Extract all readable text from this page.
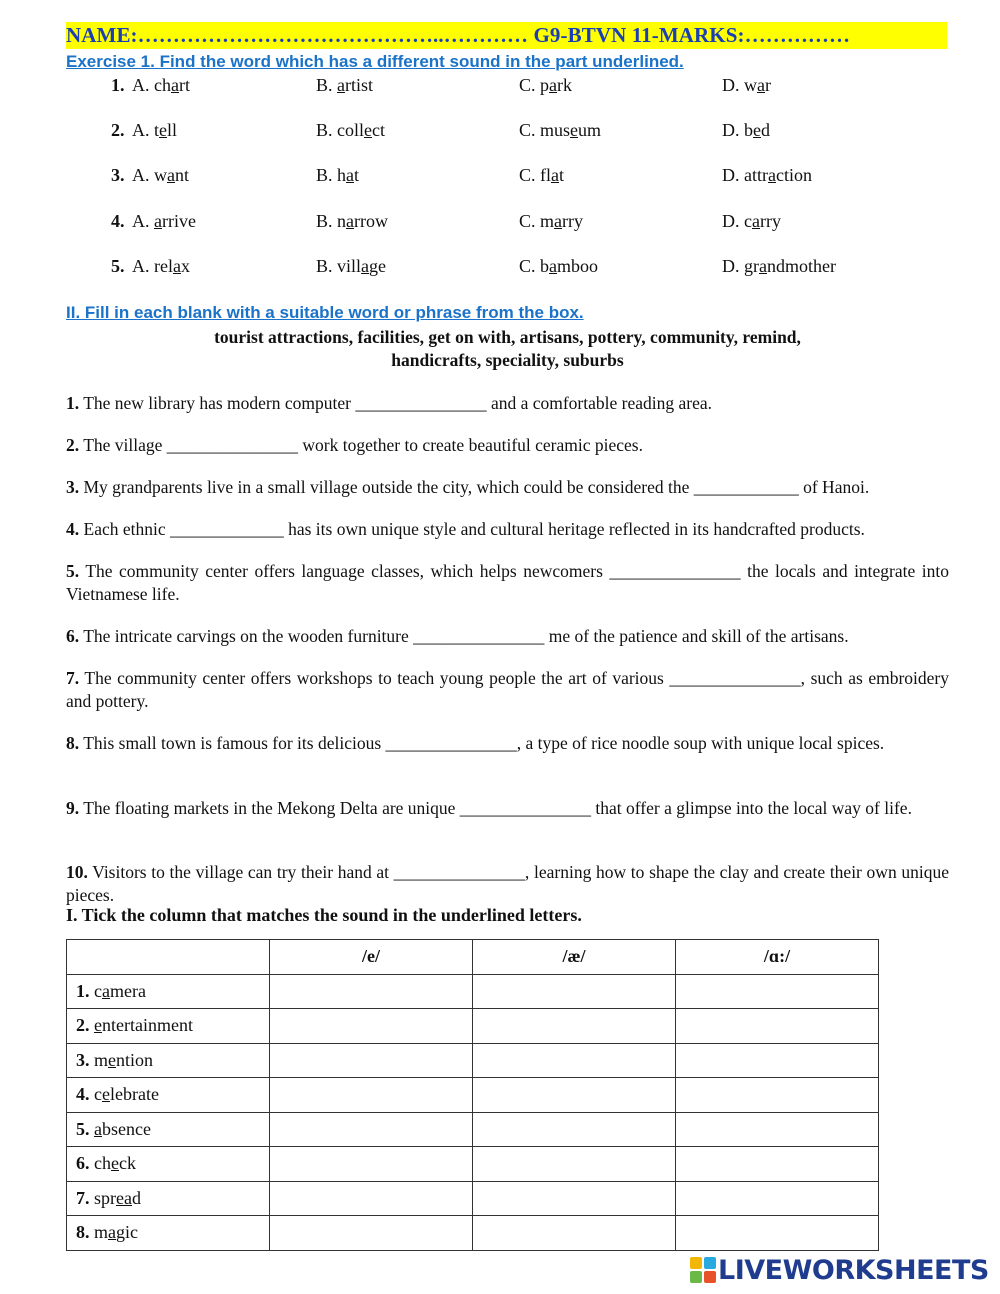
NAME:……………………………………..………… G9-BTVN 11-MARKS:……………
Exercise 1. Find the word which has a different sound in the part underlined.
1. A. chart	B. artist	C. park	D. war
2. A. tell	B. collect	C. museum	D. bed
3. A. want	B. hat	C. flat	D. attraction
4. A. arrive	B. narrow	C. marry	D. carry
5. A. relax	B. village	C. bamboo	D. grandmother
II. Fill in each blank with a suitable word or phrase from the box.
tourist attractions, facilities, get on with, artisans, pottery, community, remind,
handicrafts, speciality, suburbs
1. The new library has modern computer _______________ and a comfortable reading area.
2. The village _______________ work together to create beautiful ceramic pieces.
3. My grandparents live in a small village outside the city, which could be considered the ____________ of Hanoi.
4. Each ethnic _____________ has its own unique style and cultural heritage reflected in its handcrafted products.
5. The community center offers language classes, which helps newcomers _______________ the locals and integrate into Vietnamese life.
6. The intricate carvings on the wooden furniture _______________ me of the patience and skill of the artisans.
7. The community center offers workshops to teach young people the art of various _______________, such as embroidery and pottery.
8. This small town is famous for its delicious _______________, a type of rice noodle soup with unique local spices.
9. The floating markets in the Mekong Delta are unique _______________ that offer a glimpse into the local way of life.
10. Visitors to the village can try their hand at _______________, learning how to shape the clay and create their own unique pieces.
I. Tick the column that matches the sound in the underlined letters.
	/e/	/æ/	/ɑ:/
1. camera			
2. entertainment			
3. mention			
4. celebrate			
5. absence			
6. check			
7. spread			
8. magic			
LIVEWORKSHEETS
